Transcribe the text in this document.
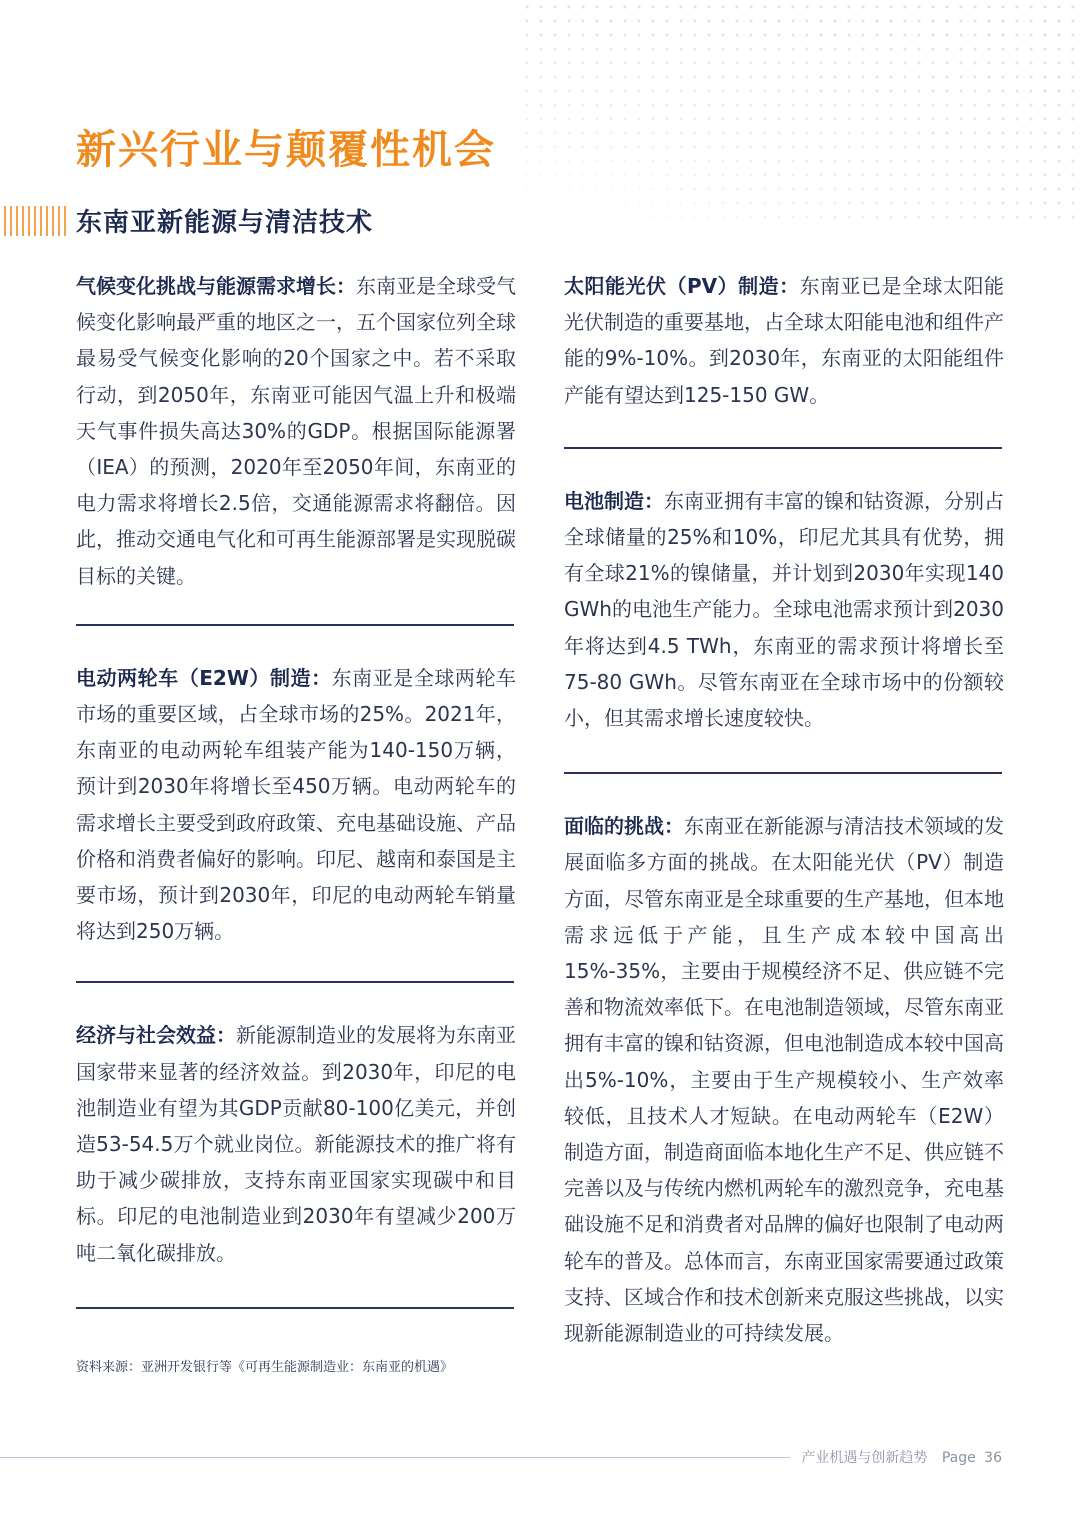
新兴行业与颠覆性机会
东南亚新能源与清洁技术

气候变化挑战与能源需求增长：东南亚是全球受气候变化影响最严重的地区之一，五个国家位列全球最易受气候变化影响的20个国家之中。若不采取行动，到2050年，东南亚可能因气温上升和极端天气事件损失高达30%的GDP。根据国际能源署（IEA）的预测，2020年至2050年间，东南亚的电力需求将增长2.5倍，交通能源需求将翻倍。因此，推动交通电气化和可再生能源部署是实现脱碳目标的关键。

电动两轮车（E2W）制造：东南亚是全球两轮车市场的重要区域，占全球市场的25%。2021年，东南亚的电动两轮车组装产能为140-150万辆，预计到2030年将增长至450万辆。电动两轮车的需求增长主要受到政府政策、充电基础设施、产品价格和消费者偏好的影响。印尼、越南和泰国是主要市场，预计到2030年，印尼的电动两轮车销量将达到250万辆。

经济与社会效益：新能源制造业的发展将为东南亚国家带来显著的经济效益。到2030年，印尼的电池制造业有望为其GDP贡献80-100亿美元，并创造53-54.5万个就业岗位。新能源技术的推广将有助于减少碳排放，支持东南亚国家实现碳中和目标。印尼的电池制造业到2030年有望减少200万吨二氧化碳排放。

太阳能光伏（PV）制造：东南亚已是全球太阳能光伏制造的重要基地，占全球太阳能电池和组件产能的9%-10%。到2030年，东南亚的太阳能组件产能有望达到125-150 GW。

电池制造：东南亚拥有丰富的镍和钴资源，分别占全球储量的25%和10%，印尼尤其具有优势，拥有全球21%的镍储量，并计划到2030年实现140 GWh的电池生产能力。全球电池需求预计到2030年将达到4.5 TWh，东南亚的需求预计将增长至75-80 GWh。尽管东南亚在全球市场中的份额较小，但其需求增长速度较快。

面临的挑战：东南亚在新能源与清洁技术领域的发展面临多方面的挑战。在太阳能光伏（PV）制造方面，尽管东南亚是全球重要的生产基地，但本地需求远低于产能，且生产成本较中国高出15%-35%，主要由于规模经济不足、供应链不完善和物流效率低下。在电池制造领域，尽管东南亚拥有丰富的镍和钴资源，但电池制造成本较中国高出5%-10%，主要由于生产规模较小、生产效率较低，且技术人才短缺。在电动两轮车（E2W）制造方面，制造商面临本地化生产不足、供应链不完善以及与传统内燃机两轮车的激烈竞争，充电基础设施不足和消费者对品牌的偏好也限制了电动两轮车的普及。总体而言，东南亚国家需要通过政策支持、区域合作和技术创新来克服这些挑战，以实现新能源制造业的可持续发展。

资料来源：亚洲开发银行等《可再生能源制造业：东南亚的机遇》

产业机遇与创新趋势 Page 36
